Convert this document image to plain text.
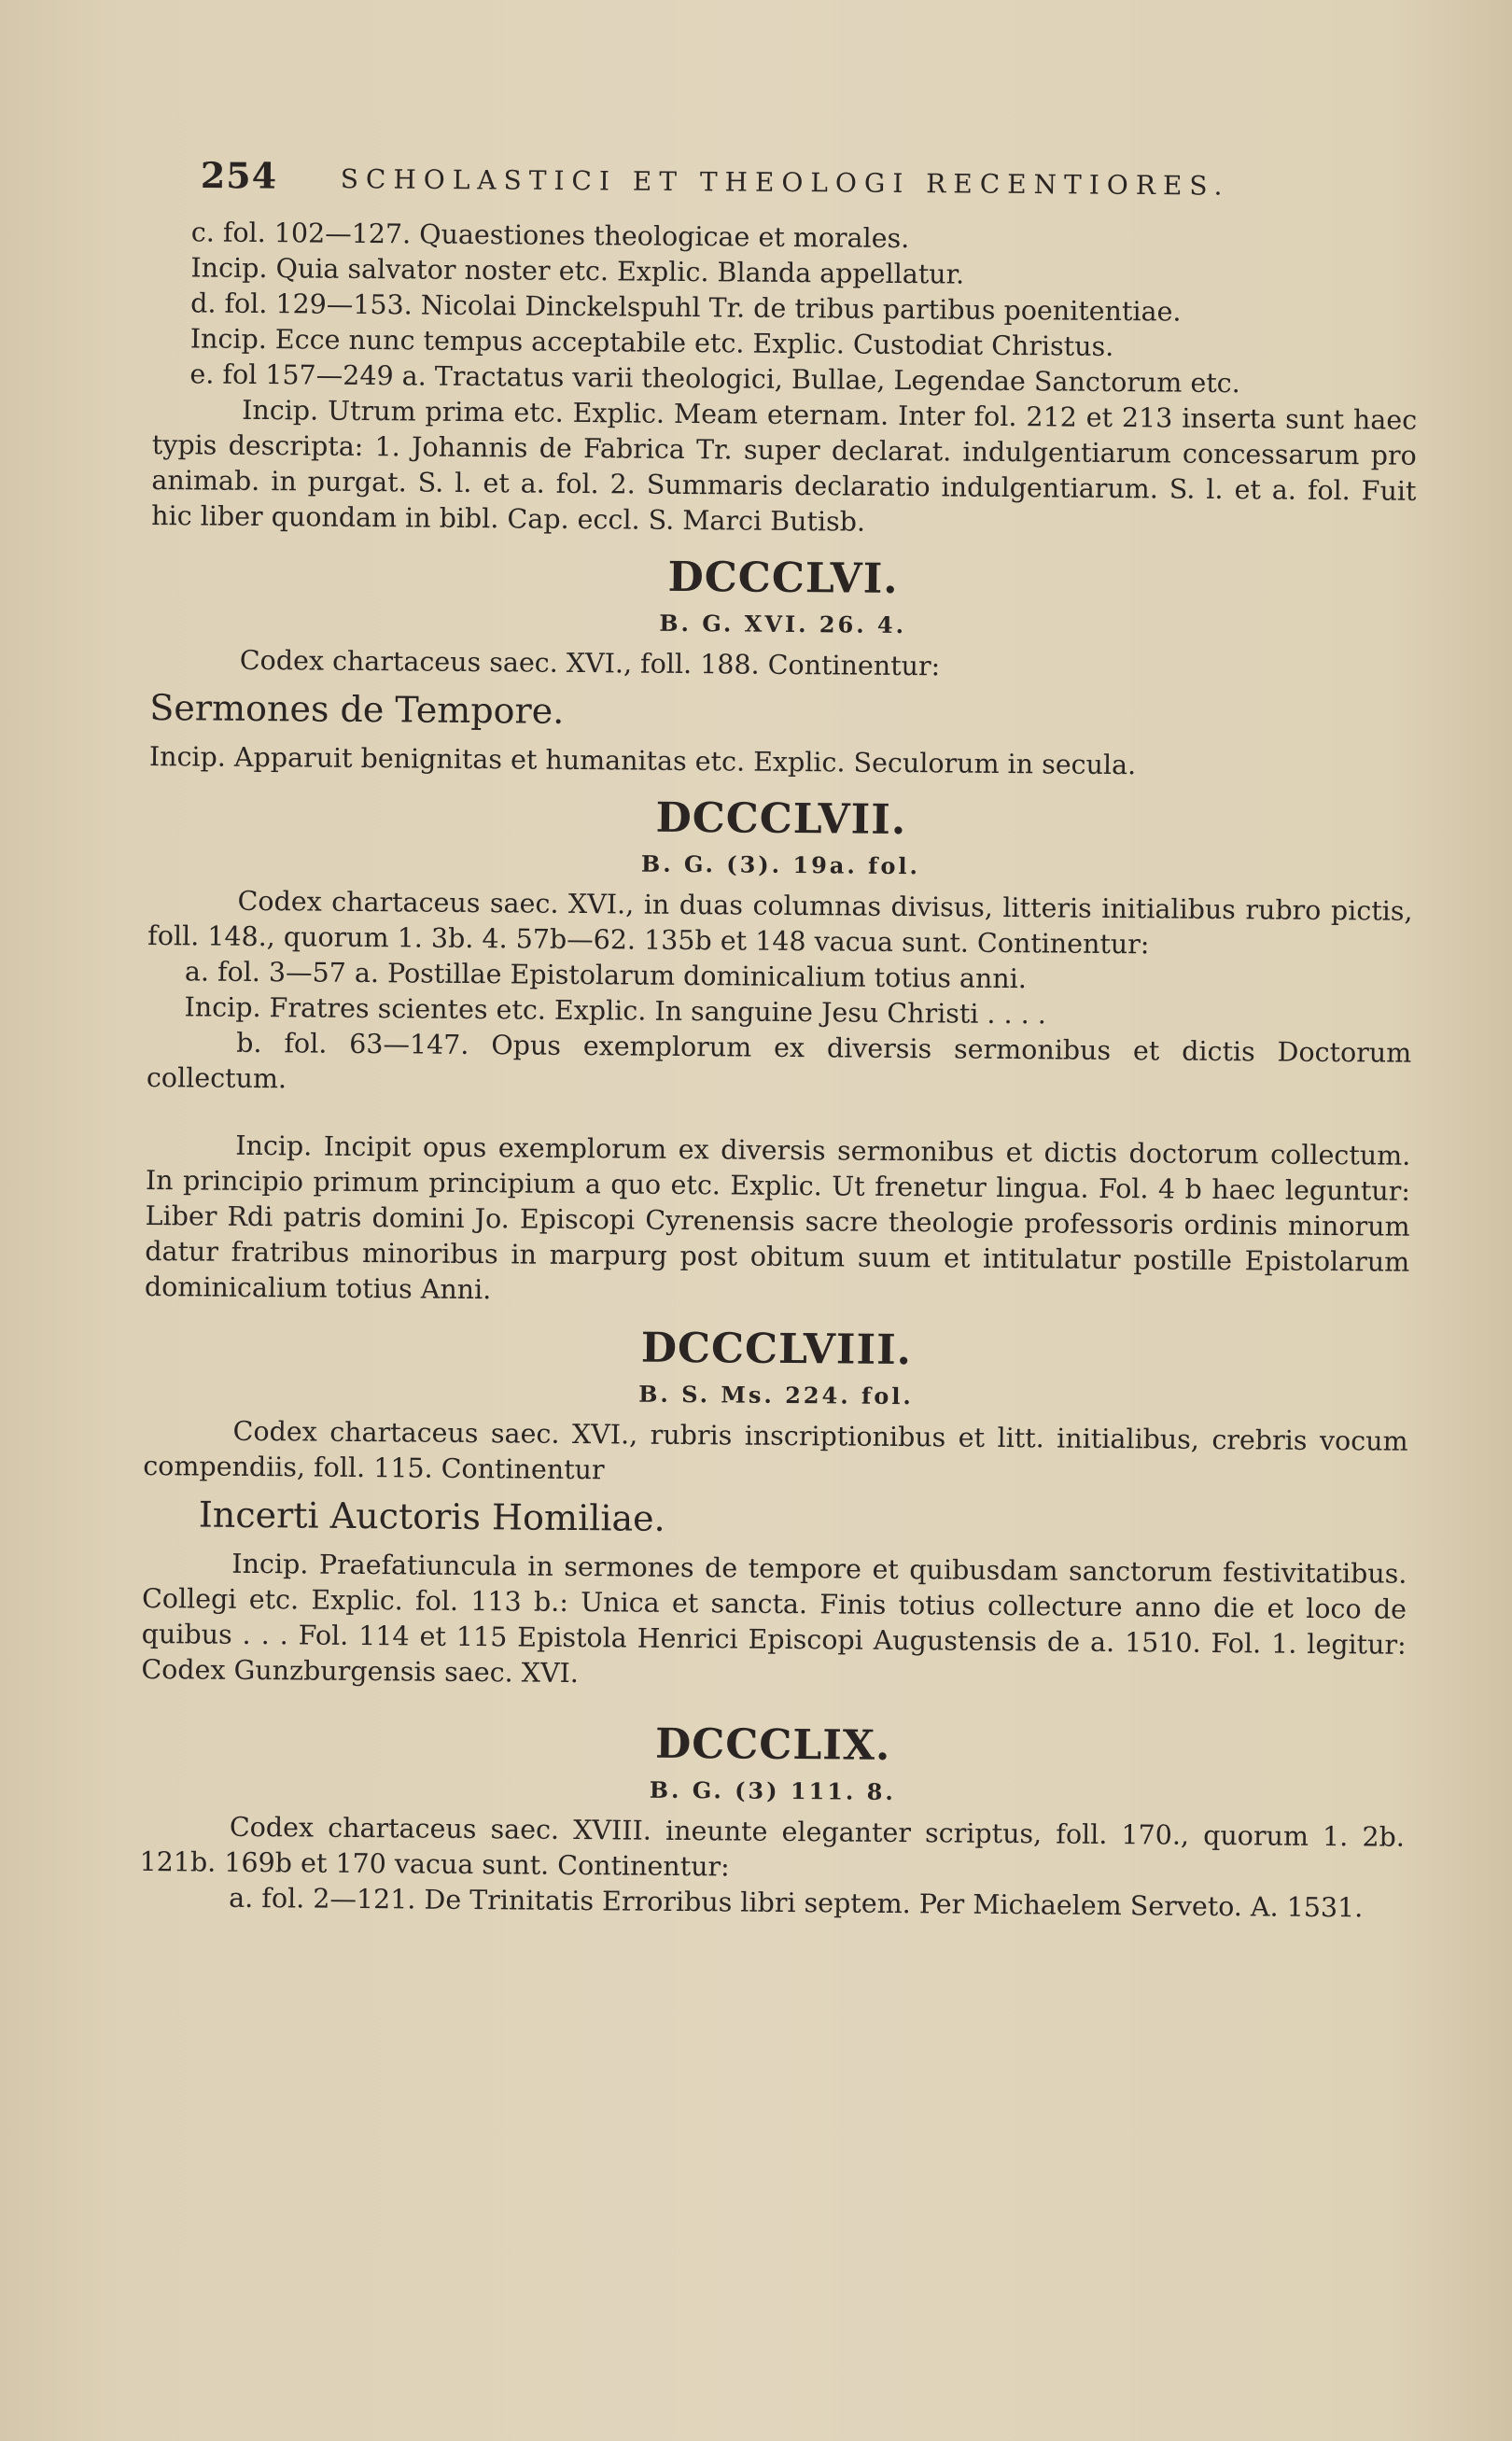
254 SCHOLASTICI ET THEOLOGI RECENTIORES.

c. fol. 102—127. Quaestiones theologicae et morales.

Incip. Quia salvator noster etc. Explic. Blanda appellatur.

d. fol. 129—153. Nicolai Dinckelspuhl Tr. de tribus partibus poenitentiae.

Incip. Ecce nunc tempus acceptabile etc. Explic. Custodiat Christus.

e. fol 157—249 a. Tractatus varii theologici, Bullae, Legendae Sanctorum etc.

Incip. Utrum prima etc. Explic. Meam eternam. Inter fol. 212 et 213 inserta sunt haec typis descripta: 1. Johannis de Fabrica Tr. super declarat. indulgentiarum concessarum pro animab. in purgat. S. l. et a. fol. 2. Summaris declaratio indulgentiarum. S. l. et a. fol. Fuit hic liber quondam in bibl. Cap. eccl. S. Marci Butisb.

DCCCLVI.
B. G. XVI. 26. 4.

Codex chartaceus saec. XVI., foll. 188. Continentur:

Sermones de Tempore.

Incip. Apparuit benignitas et humanitas etc. Explic. Seculorum in secula.

DCCCLVII.
B. G. (3). 19a. fol.

Codex chartaceus saec. XVI., in duas columnas divisus, litteris initialibus rubro pictis, foll. 148., quorum 1. 3b. 4. 57b—62. 135b et 148 vacua sunt. Continentur:

a. fol. 3—57 a. Postillae Epistolarum dominicalium totius anni.

Incip. Fratres scientes etc. Explic. In sanguine Jesu Christi . . . .

b. fol. 63—147. Opus exemplorum ex diversis sermonibus et dictis Doctorum collectum.

Incip. Incipit opus exemplorum ex diversis sermonibus et dictis doctorum collectum. In principio primum principium a quo etc. Explic. Ut frenetur lingua. Fol. 4 b haec leguntur: Liber Rdi patris domini Jo. Episcopi Cyrenensis sacre theologie professoris ordinis minorum datur fratribus minoribus in marpurg post obitum suum et intitulatur postille Epistolarum dominicalium totius Anni.

DCCCLVIII.
B. S. Ms. 224. fol.

Codex chartaceus saec. XVI., rubris inscriptionibus et litt. initialibus, crebris vocum compendiis, foll. 115. Continentur

Incerti Auctoris Homiliae.

Incip. Praefatiuncula in sermones de tempore et quibusdam sanctorum festivitatibus. Collegi etc. Explic. fol. 113 b.: Unica et sancta. Finis totius collecture anno die et loco de quibus . . . Fol. 114 et 115 Epistola Henrici Episcopi Augustensis de a. 1510. Fol. 1. legitur: Codex Gunzburgensis saec. XVI.

DCCCLIX.
B. G. (3) 111. 8.

Codex chartaceus saec. XVIII. ineunte eleganter scriptus, foll. 170., quorum 1. 2b. 121b. 169b et 170 vacua sunt. Continentur:

a. fol. 2—121. De Trinitatis Erroribus libri septem. Per Michaelem Serveto. A. 1531.
